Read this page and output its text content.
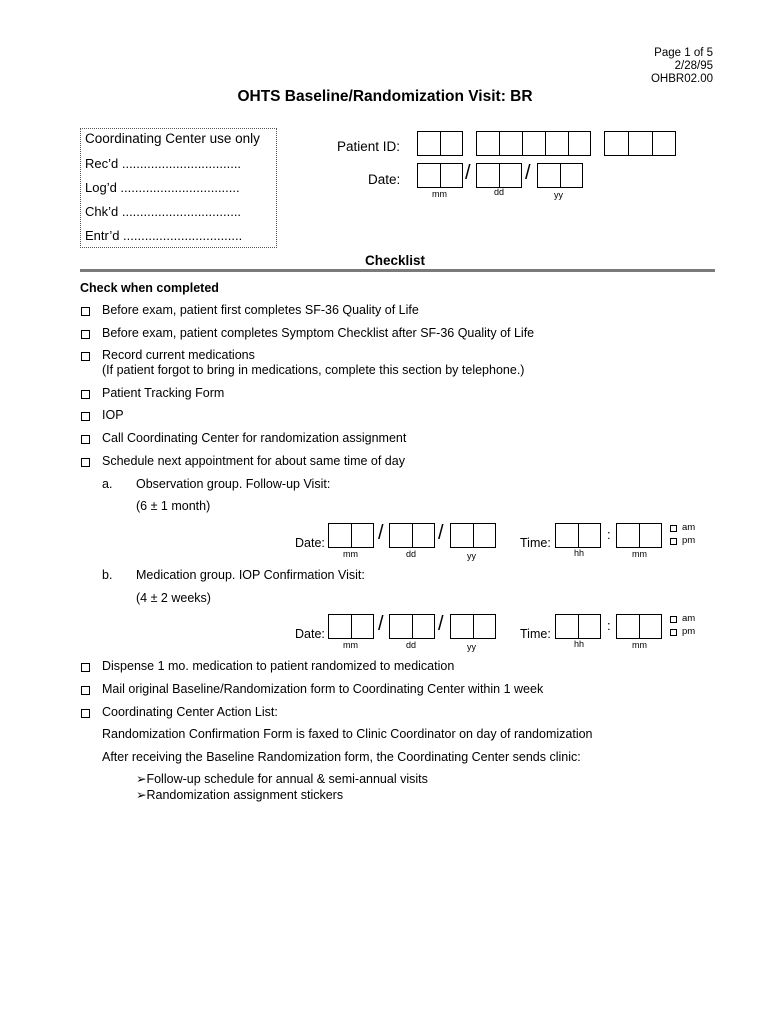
Page 1 of 5
2/28/95
OHBR02.00
OHTS Baseline/Randomization Visit: BR
Coordinating Center use only
Rec’d .................................
Log’d .................................
Chk’d .................................
Entr’d .................................
Patient ID:
Date:	/	/
mm	dd	yy
Checklist
Check when completed
Before exam, patient first completes SF-36 Quality of Life
Before exam, patient completes Symptom Checklist after SF-36 Quality of Life
Record current medications
(If patient forgot to bring in medications, complete this section by telephone.)
Patient Tracking Form
IOP
Call Coordinating Center for randomization assignment
Schedule next appointment for about same time of day
a. Observation group. Follow-up Visit:
(6 ± 1 month)
Date:	/	/
mm	dd	yy
Time:
:
hh	mm
am
pm
b. Medication group. IOP Confirmation Visit:
(4 ± 2 weeks)
Date:	/	/
mm	dd	yy
Time:
:
hh	mm
am
pm
Dispense 1 mo. medication to patient randomized to medication
Mail original Baseline/Randomization form to Coordinating Center within 1 week
Coordinating Center Action List:
Randomization Confirmation Form is faxed to Clinic Coordinator on day of randomization
After receiving the Baseline Randomization form, the Coordinating Center sends clinic:
➢Follow-up schedule for annual & semi-annual visits
➢Randomization assignment stickers
